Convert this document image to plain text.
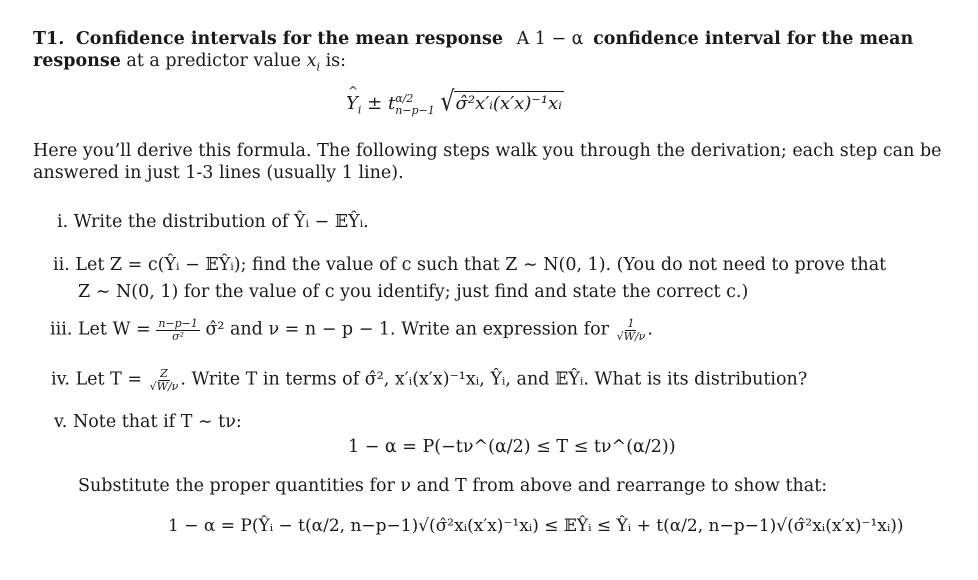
T1. Confidence intervals for the mean response A 1 − α confidence interval for the mean
response at a predictor value $x_i$ is:
^ $Y_i \pm t$ α/2
n−p−1 √σ̂²x′ᵢ(x′x)⁻¹xᵢ
Here you’ll derive this formula. The following steps walk you through the derivation; each step can be
answered in just 1-3 lines (usually 1 line).
i. Write the distribution of Ŷᵢ − 𝔼Ŷᵢ.
ii. Let Z = c(Ŷᵢ − 𝔼Ŷᵢ); find the value of c such that Z ∼ N(0, 1). (You do not need to prove that
Z ∼ N(0, 1) for the value of c you identify; just find and state the correct c.)
iii. Let $W = \frac{n-p-1}{\text{σ²}}$ σ̂² and ν = n − p − 1. Write an expression for $\frac{1}{√W/\nu}$ .
iv. Let $T = \frac{Z}{√W/\nu}$ . Write T in terms of σ̂², x′ᵢ(x′x)⁻¹xᵢ, Ŷᵢ, and 𝔼Ŷᵢ. What is its distribution?
v. Note that if T ∼ tν:
1 − α = P(−tν^(α/2) ≤ T ≤ tν^(α/2))
Substitute the proper quantities for ν and T from above and rearrange to show that:
1 − α = P(Ŷᵢ − t(α/2, n−p−1)√(σ̂²xᵢ(x′x)⁻¹xᵢ) ≤ 𝔼Ŷᵢ ≤ Ŷᵢ + t(α/2, n−p−1)√(σ̂²xᵢ(x′x)⁻¹xᵢ))
